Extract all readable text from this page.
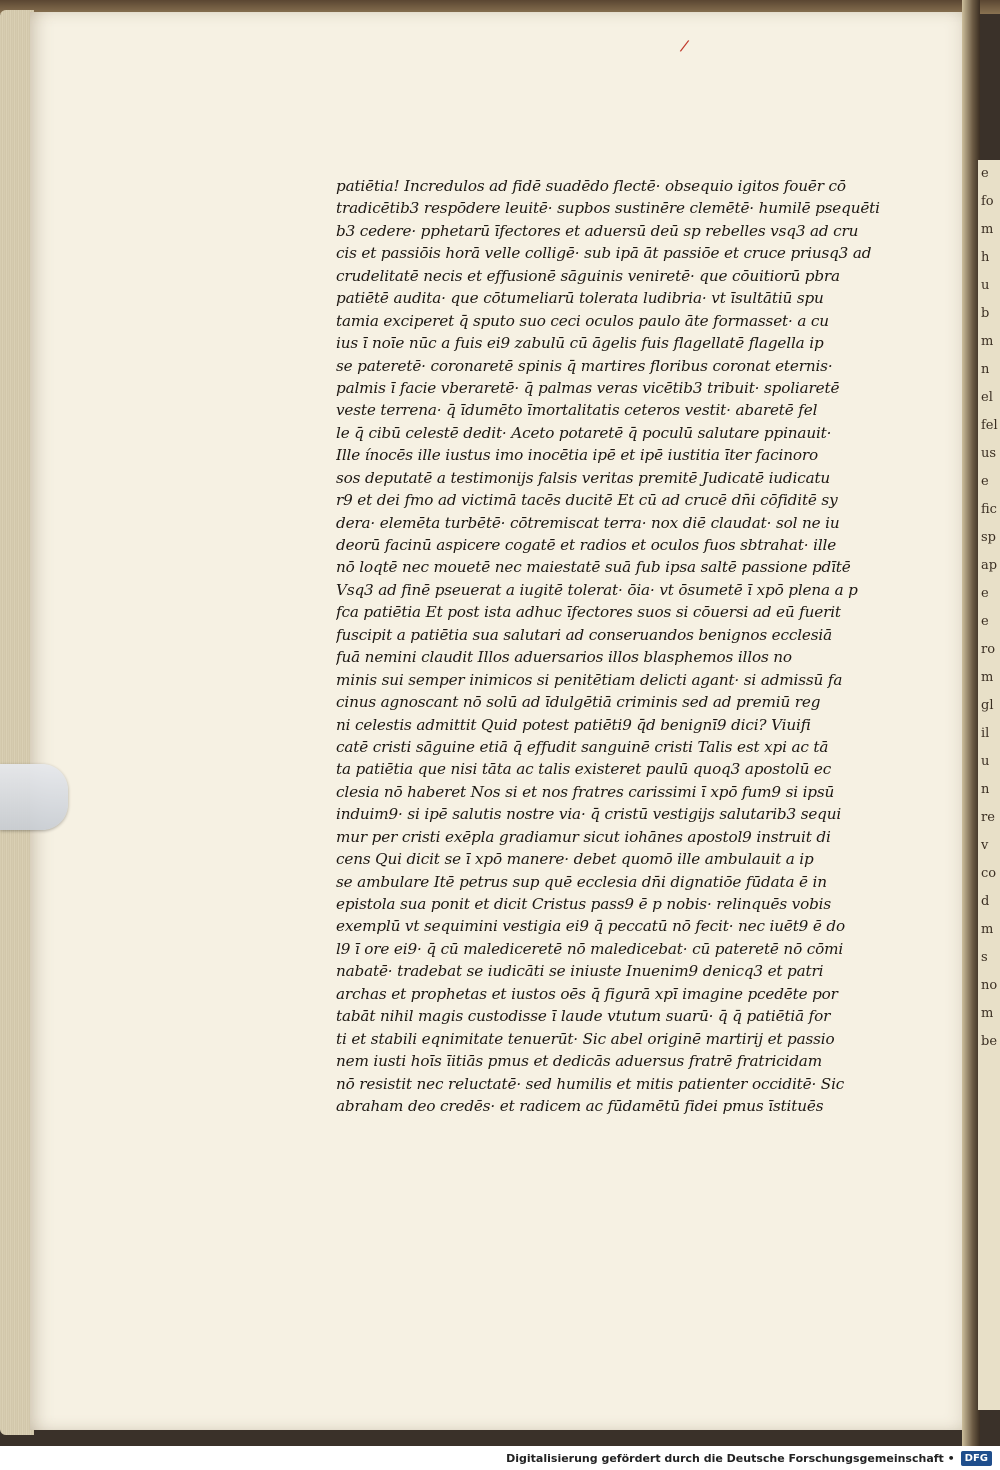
e
fo
m
h
u
b
m
n
el
fel
us
e
fic
sp
ap
e
e
ro
m
gl
il
u
n
re
v
co
d
m
s
no
m
be
/
patiētia! Incredulos ad fidē suadēdo flectē· obsequio igitos fouēr cō
tradicētib3 respōdere leuitē· supbos sustinēre clemētē· humilē psequēti
b3 cedere· pphetarū īfectores et aduersū deū sp rebelles vsq3 ad cru
cis et passiōis horā velle colligē· sub ipā āt passiōe et cruce priusq3 ad
crudelitatē necis et effusionē sāguinis veniretē· que cōuitiorū pbra
patiētē audita· que cōtumeliarū tolerata ludibria· vt īsultātiū spu
tamia exciperet q̄ sputo suo ceci oculos paulo āte formasset· a cu
ius ī noīe nūc a fuis ei9 zabulū cū āgelis fuis flagellatē flagella ip
se pateretē· coronaretē spinis q̄ martires floribus coronat eternis·
palmis ī facie vberaretē· q̄ palmas veras vicētib3 tribuit· spoliaretē
veste terrena· q̄ īdumēto īmortalitatis ceteros vestit· abaretē fel
le q̄ cibū celestē dedit· Aceto potaretē q̄ poculū salutare ppinauit·
Ille ínocēs ille iustus imo inocētia ipē et ipē iustitia īter facinoro
sos deputatē a testimonijs falsis veritas premitē Judicatē iudicatu
r9 et dei fmo ad victimā tacēs ducitē Et cū ad crucē dn̄i cōfiditē sy
dera· elemēta turbētē· cōtremiscat terra· nox diē claudat· sol ne iu
deorū facinū aspicere cogatē et radios et oculos fuos sbtrahat· ille
nō loqtē nec mouetē nec maiestatē suā fub ipsa saltē passione pdītē
Vsq3 ad finē pseuerat a iugitē tolerat· ōia· vt ōsumetē ī xpō plena a p
fca patiētia Et post ista adhuc īfectores suos si cōuersi ad eū fuerit
fuscipit a patiētia sua salutari ad conseruandos benignos ecclesiā
fuā nemini claudit Illos aduersarios illos blasphemos illos no
minis sui semper inimicos si penitētiam delicti agant· si admissū fa
cinus agnoscant nō solū ad īdulgētiā criminis sed ad premiū reg
ni celestis admittit Quid potest patiēti9 q̄d benignī9 dici? Viuifi
catē cristi sāguine etiā q̄ effudit sanguinē cristi Talis est xpi ac tā
ta patiētia que nisi tāta ac talis existeret paulū quoq3 apostolū ec
clesia nō haberet Nos si et nos fratres carissimi ī xpō fum9 si ipsū
induim9· si ipē salutis nostre via· q̄ cristū vestigijs salutarib3 sequi
mur per cristi exēpla gradiamur sicut iohānes apostol9 instruit di
cens Qui dicit se ī xpō manere· debet quomō ille ambulauit a ip
se ambulare Itē petrus sup quē ecclesia dn̄i dignatiōe fūdata ē in
epistola sua ponit et dicit Cristus pass9 ē p nobis· relinquēs vobis
exemplū vt sequimini vestigia ei9 q̄ peccatū nō fecit· nec iuēt9 ē do
l9 ī ore ei9· q̄ cū malediceretē nō maledicebat· cū pateretē nō cōmi
nabatē· tradebat se iudicāti se iniuste Inuenim9 denicq3 et patri
archas et prophetas et iustos oēs q̄ figurā xpī imagine pcedēte por
tabāt nihil magis custodisse ī laude vtutum suarū· q̄ q̄ patiētiā for
ti et stabili eqnimitate tenuerūt· Sic abel originē martirij et passio
nem iusti hoīs īitiās pmus et dedicās aduersus fratrē fratricidam
nō resistit nec reluctatē· sed humilis et mitis patienter occiditē· Sic
abraham deo credēs· et radicem ac fūdamētū fidei pmus īstituēs
Digitalisierung gefördert durch die Deutsche Forschungsgemeinschaft •	DFG
